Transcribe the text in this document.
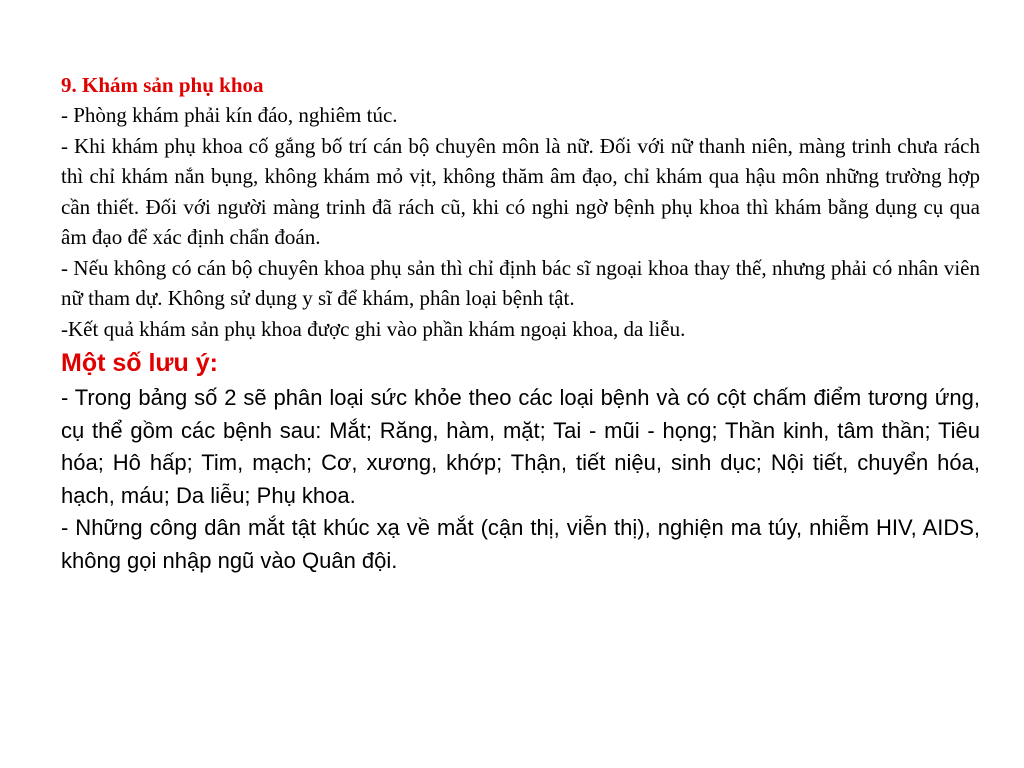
9. Khám sản phụ khoa

- Phòng khám phải kín đáo, nghiêm túc.

- Khi khám phụ khoa cố gắng bố trí cán bộ chuyên môn là nữ. Đối với nữ thanh niên, màng trinh chưa rách thì chỉ khám nắn bụng, không khám mỏ vịt, không thăm âm đạo, chỉ khám qua hậu môn những trường hợp cần thiết. Đối với người màng trinh đã rách cũ, khi có nghi ngờ bệnh phụ khoa thì khám bằng dụng cụ qua âm đạo để xác định chẩn đoán.

- Nếu không có cán bộ chuyên khoa phụ sản thì chỉ định bác sĩ ngoại khoa thay thế, nhưng phải có nhân viên nữ tham dự. Không sử dụng y sĩ để khám, phân loại bệnh tật.

-Kết quả khám sản phụ khoa được ghi vào phần khám ngoại khoa, da liễu.

Một số lưu ý:

- Trong bảng số 2 sẽ phân loại sức khỏe theo các loại bệnh và có cột chấm điểm tương ứng, cụ thể gồm các bệnh sau: Mắt; Răng, hàm, mặt; Tai - mũi - họng; Thần kinh, tâm thần; Tiêu hóa; Hô hấp; Tim, mạch; Cơ, xương, khớp; Thận, tiết niệu, sinh dục; Nội tiết, chuyển hóa, hạch, máu; Da liễu; Phụ khoa.

- Những công dân mắt tật khúc xạ về mắt (cận thị, viễn thị), nghiện ma túy, nhiễm HIV, AIDS, không gọi nhập ngũ vào Quân đội.
